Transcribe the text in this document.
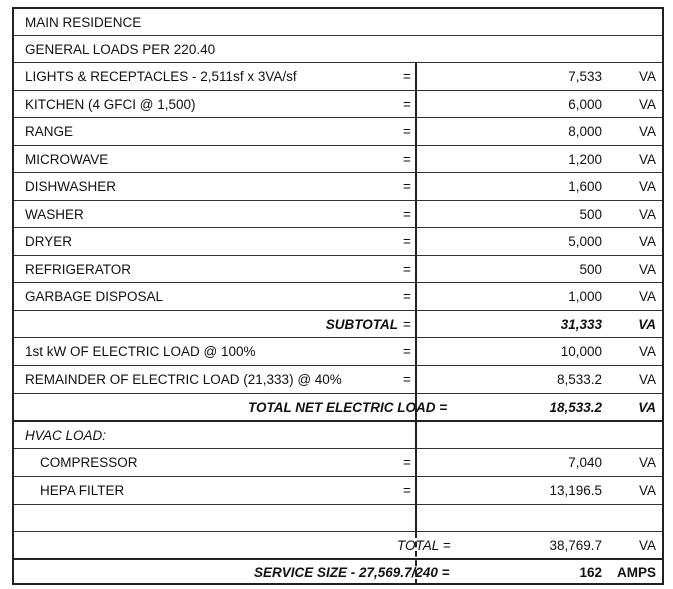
MAIN RESIDENCE
GENERAL LOADS PER 220.40
LIGHTS & RECEPTACLES - 2,511sf x 3VA/sf	=	7,533	VA
KITCHEN (4 GFCI @ 1,500)	=	6,000	VA
RANGE	=	8,000	VA
MICROWAVE	=	1,200	VA
DISHWASHER	=	1,600	VA
WASHER	=	500	VA
DRYER	=	5,000	VA
REFRIGERATOR	=	500	VA
GARBAGE DISPOSAL	=	1,000	VA
SUBTOTAL =	31,333	VA
1st kW OF ELECTRIC LOAD @ 100%	=	10,000	VA
REMAINDER OF ELECTRIC LOAD (21,333) @ 40%	=	8,533.2	VA
TOTAL NET ELECTRIC LOAD =	18,533.2	VA
HVAC LOAD:
COMPRESSOR	=	7,040	VA
HEPA FILTER	=	13,196.5	VA
TOTAL =	38,769.7	VA
SERVICE SIZE - 27,569.7/240 =	162	AMPS
